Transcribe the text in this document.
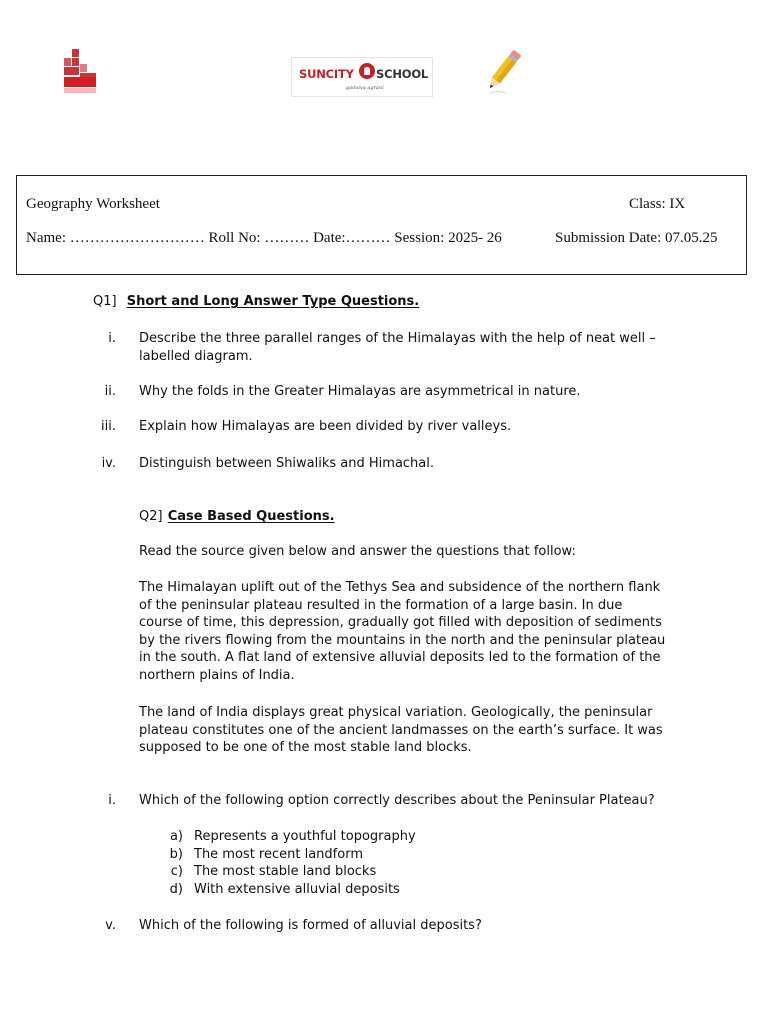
SUNCITY SCHOOL
gadaiva agrani
Geography Worksheet	Class: IX
Name: ……………………… Roll No: ……… Date:……… Session: 2025- 26	Submission Date: 07.05.25
Q1] Short and Long Answer Type Questions.
i. Describe the three parallel ranges of the Himalayas with the help of neat well – labelled diagram.
ii. Why the folds in the Greater Himalayas are asymmetrical in nature.
iii. Explain how Himalayas are been divided by river valleys.
iv. Distinguish between Shiwaliks and Himachal.
Q2] Case Based Questions.
Read the source given below and answer the questions that follow:
The Himalayan uplift out of the Tethys Sea and subsidence of the northern flank of the peninsular plateau resulted in the formation of a large basin. In due course of time, this depression, gradually got filled with deposition of sediments by the rivers flowing from the mountains in the north and the peninsular plateau in the south. A flat land of extensive alluvial deposits led to the formation of the northern plains of India.
The land of India displays great physical variation. Geologically, the peninsular plateau constitutes one of the ancient landmasses on the earth’s surface. It was supposed to be one of the most stable land blocks.
i. Which of the following option correctly describes about the Peninsular Plateau?
a) Represents a youthful topography
b) The most recent landform
c) The most stable land blocks
d) With extensive alluvial deposits
v. Which of the following is formed of alluvial deposits?
